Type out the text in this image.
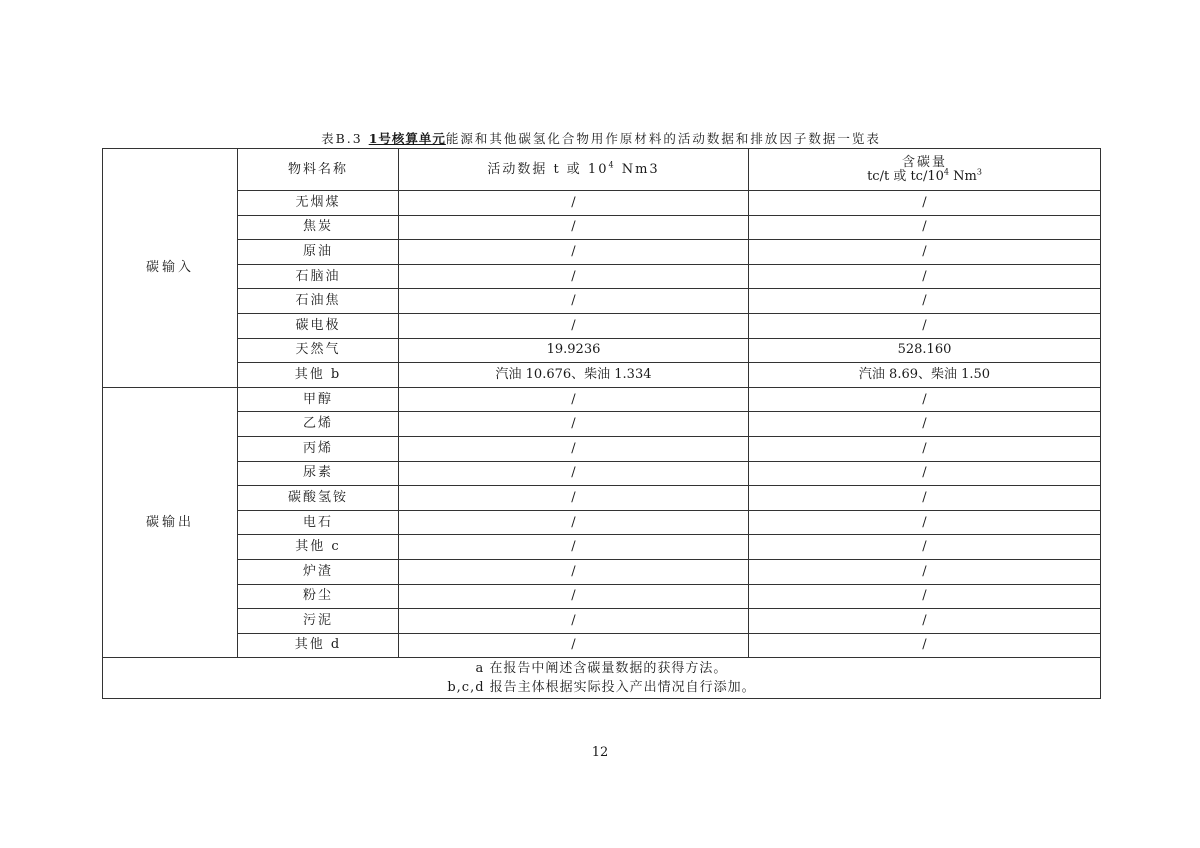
表B.3 1号核算单元能源和其他碳氢化合物用作原材料的活动数据和排放因子数据一览表
碳输入	物料名称	活动数据 t 或 $10^4$ Nm3	含碳量
tc/t 或 $tc/10^4$ Nm$^3$

	无烟煤	/	/
	焦炭	/	/
	原油	/	/
	石脑油	/	/
	石油焦	/	/
	碳电极	/	/
	天然气	19.9236	528.160
	其他 b	汽油 10.676、柴油 1.334	汽油 8.69、柴油 1.50
碳输出	甲醇	/	/
	乙烯	/	/
	丙烯	/	/
	尿素	/	/
	碳酸氢铵	/	/
	电石	/	/
	其他 c	/	/
	炉渣	/	/
	粉尘	/	/
	污泥	/	/
	其他 d	/	/

a 在报告中阐述含碳量数据的获得方法。
b,c,d 报告主体根据实际投入产出情况自行添加。			
12
